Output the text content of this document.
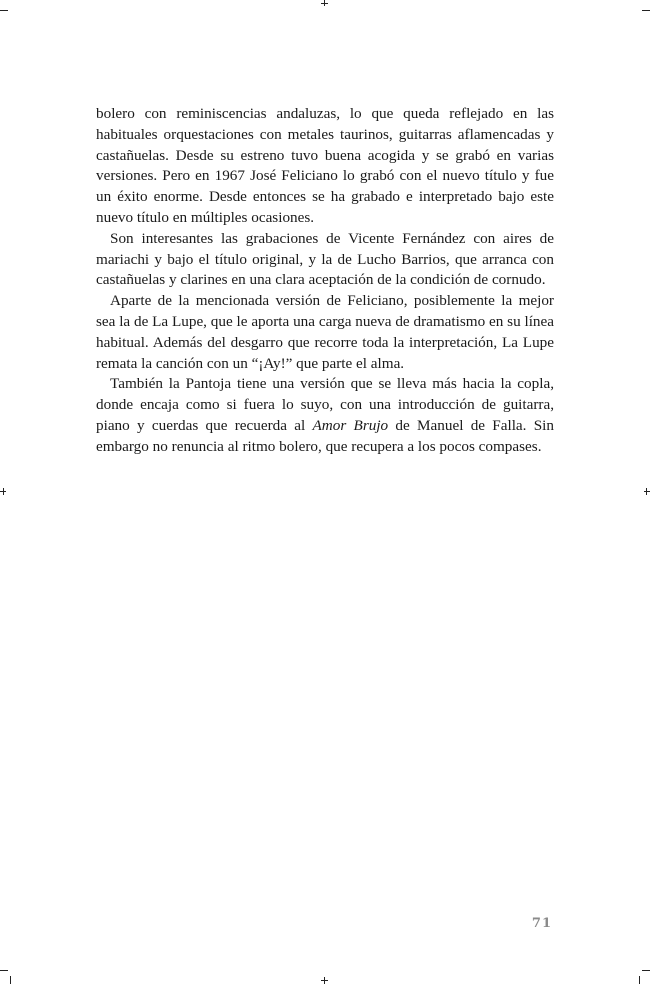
bolero con reminiscencias andaluzas, lo que queda reflejado en las habituales orquestaciones con metales taurinos, guitarras aflamencadas y castañuelas. Desde su estreno tuvo buena acogida y se grabó en varias versiones. Pero en 1967 José Feliciano lo grabó con el nuevo título y fue un éxito enorme. Desde entonces se ha grabado e interpretado bajo este nuevo título en múltiples ocasiones.

Son interesantes las grabaciones de Vicente Fernández con aires de mariachi y bajo el título original, y la de Lucho Barrios, que arranca con castañuelas y clarines en una clara aceptación de la condición de cornudo.

Aparte de la mencionada versión de Feliciano, posiblemente la mejor sea la de La Lupe, que le aporta una carga nueva de dramatismo en su línea habitual. Además del desgarro que recorre toda la interpretación, La Lupe remata la canción con un “¡Ay!” que parte el alma.

También la Pantoja tiene una versión que se lleva más hacia la copla, donde encaja como si fuera lo suyo, con una introducción de guitarra, piano y cuerdas que recuerda al Amor Brujo de Manuel de Falla. Sin embargo no renuncia al ritmo bolero, que recupera a los pocos compases.

71
